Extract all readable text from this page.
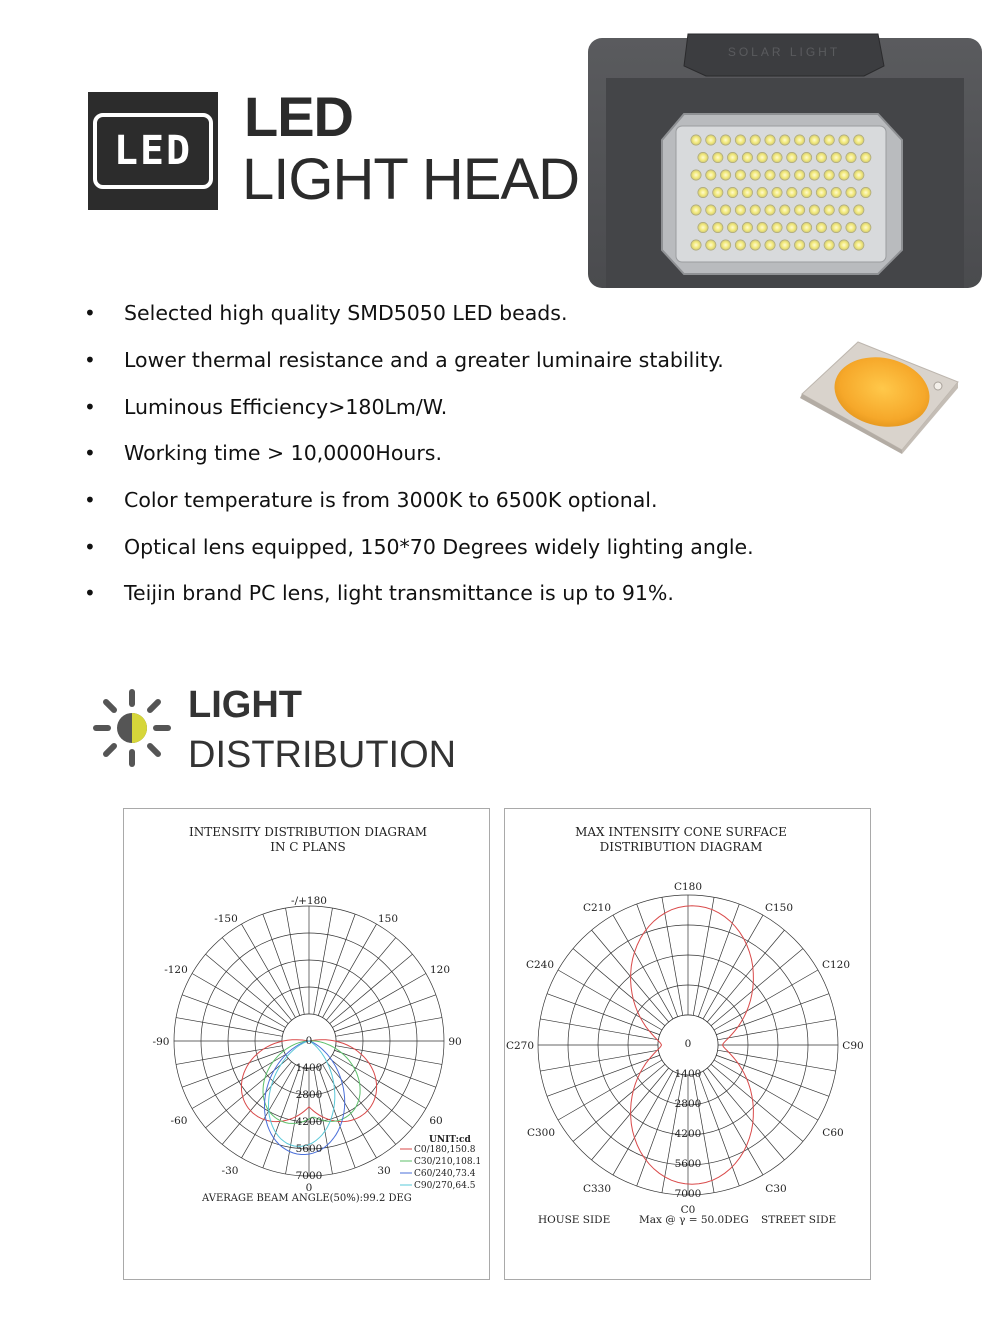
LED
LED
LIGHT HEAD
SOLAR LIGHT
• Selected high quality SMD5050 LED beads.
• Lower thermal resistance and a greater luminaire stability.
• Luminous Efficiency>180Lm/W.
• Working time > 10,0000Hours.
• Color temperature is from 3000K to 6500K optional.
• Optical lens equipped, 150*70 Degrees widely lighting angle.
• Teijin brand PC lens, light transmittance is up to 91%.
LIGHT
DISTRIBUTION
INTENSITY DISTRIBUTION DIAGRAM
IN C PLANS
-/+180
-150	150
-120	120
-90	90
-60	60
-30	30
0
0
1400
2800
4200
5600
7000
UNIT:cd
C0/180,150.8
C30/210,108.1
C60/240,73.4
C90/270,64.5
AVERAGE BEAM ANGLE(50%):99.2 DEG
MAX INTENSITY CONE SURFACE
DISTRIBUTION DIAGRAM
C180
C210	C150
C240	C120
C270	C90
C300	C60
C330	C30
C0
0
1400
2800
4200
5600
7000
HOUSE SIDE	Max @ γ = 50.0DEG STREET SIDE
